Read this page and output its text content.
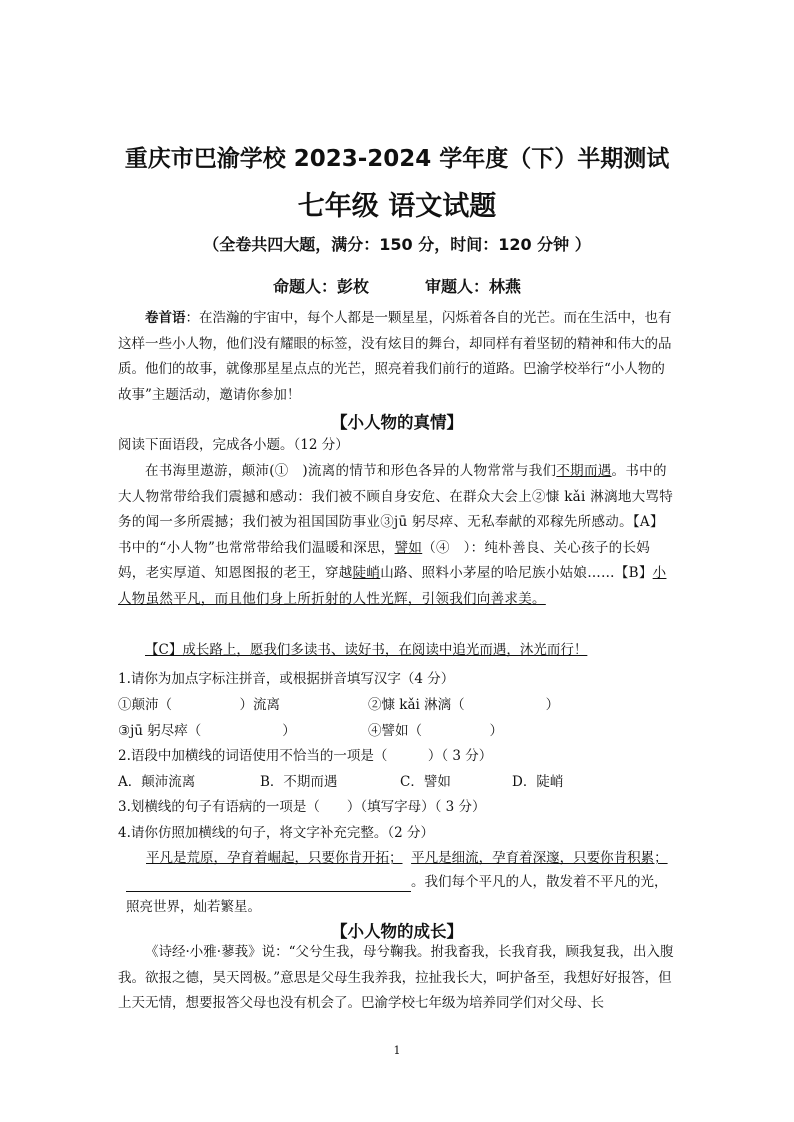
重庆市巴渝学校 2023-2024 学年度（下）半期测试
七年级 语文试题
（全卷共四大题，满分：150 分，时间：120 分钟 ）
命题人：彭枚	审题人：林燕
卷首语：在浩瀚的宇宙中，每个人都是一颗星星，闪烁着各自的光芒。而在生活中，也有这样一些小人物，他们没有耀眼的标签，没有炫目的舞台，却同样有着坚韧的精神和伟大的品质。他们的故事，就像那星星点点的光芒，照亮着我们前行的道路。巴渝学校举行“小人物的故事”主题活动，邀请你参加！
【小人物的真情】
阅读下面语段，完成各小题。（12 分）
在书海里遨游，颠沛(①　)流离的情节和形色各异的人物常常与我们不期而遇。书中的大人物常带给我们震撼和感动：我们被不顾自身安危、在群众大会上②慷 kǎi 淋漓地大骂特务的闻一多所震撼；我们被为祖国国防事业③jū 躬尽瘁、无私奉献的邓稼先所感动。【A】书中的“小人物”也常常带给我们温暖和深思，譬如（④　）：纯朴善良、关心孩子的长妈妈，老实厚道、知恩图报的老王，穿越陡峭山路、照料小茅屋的哈尼族小姑娘……【B】小人物虽然平凡，而且他们身上所折射的人性光辉，引领我们向善求美。
【C】成长路上，愿我们多读书、读好书，在阅读中追光而遇，沐光而行！
1.请你为加点字标注拼音，或根据拼音填写汉字（4 分）
①颠沛（　　　　　）流离	②慷 kǎi 淋漓（　　　　　　）
③jū 躬尽瘁（　　　　　　）	④譬如（　　　　　）
2.语段中加横线的词语使用不恰当的一项是（　　　）（ 3 分）
A．颠沛流离	B．不期而遇	C．譬如	D．陡峭
3.划横线的句子有语病的一项是（　　）（填写字母）（ 3 分）
4.请你仿照加横线的句子，将文字补充完整。（2 分）
平凡是荒原，孕育着崛起，只要你肯开拓； 平凡是细流，孕育着深邃，只要你肯积累；
。我们每个平凡的人，散发着不平凡的光，
照亮世界，灿若繁星。
【小人物的成长】
《诗经·小雅·蓼莪》说：“父兮生我，母兮鞠我。拊我畜我，长我育我，顾我复我，出入腹我。欲报之德，昊天罔极。”意思是父母生我养我，拉扯我长大，呵护备至，我想好好报答，但上天无情，想要报答父母也没有机会了。巴渝学校七年级为培养同学们对父母、长
1
